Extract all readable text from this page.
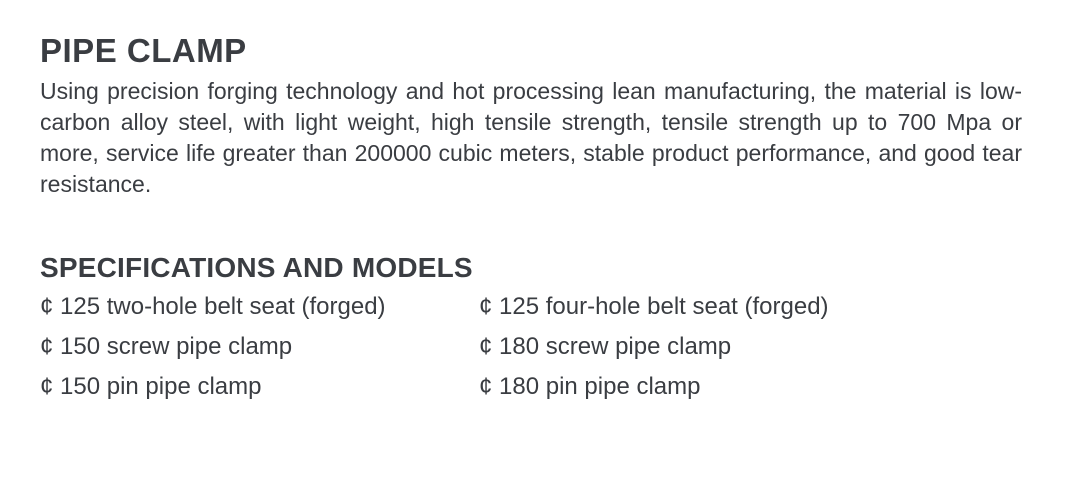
PIPE CLAMP

Using precision forging technology and hot processing lean manufacturing, the material is low-carbon alloy steel, with light weight, high tensile strength, tensile strength up to 700 Mpa or more, service life greater than 200000 cubic meters, stable product performance, and good tear resistance.

SPECIFICATIONS AND MODELS
¢ 125 two-hole belt seat (forged)	¢ 125 four-hole belt seat (forged)
¢ 150 screw pipe clamp	¢ 180 screw pipe clamp
¢ 150 pin pipe clamp	¢ 180 pin pipe clamp
